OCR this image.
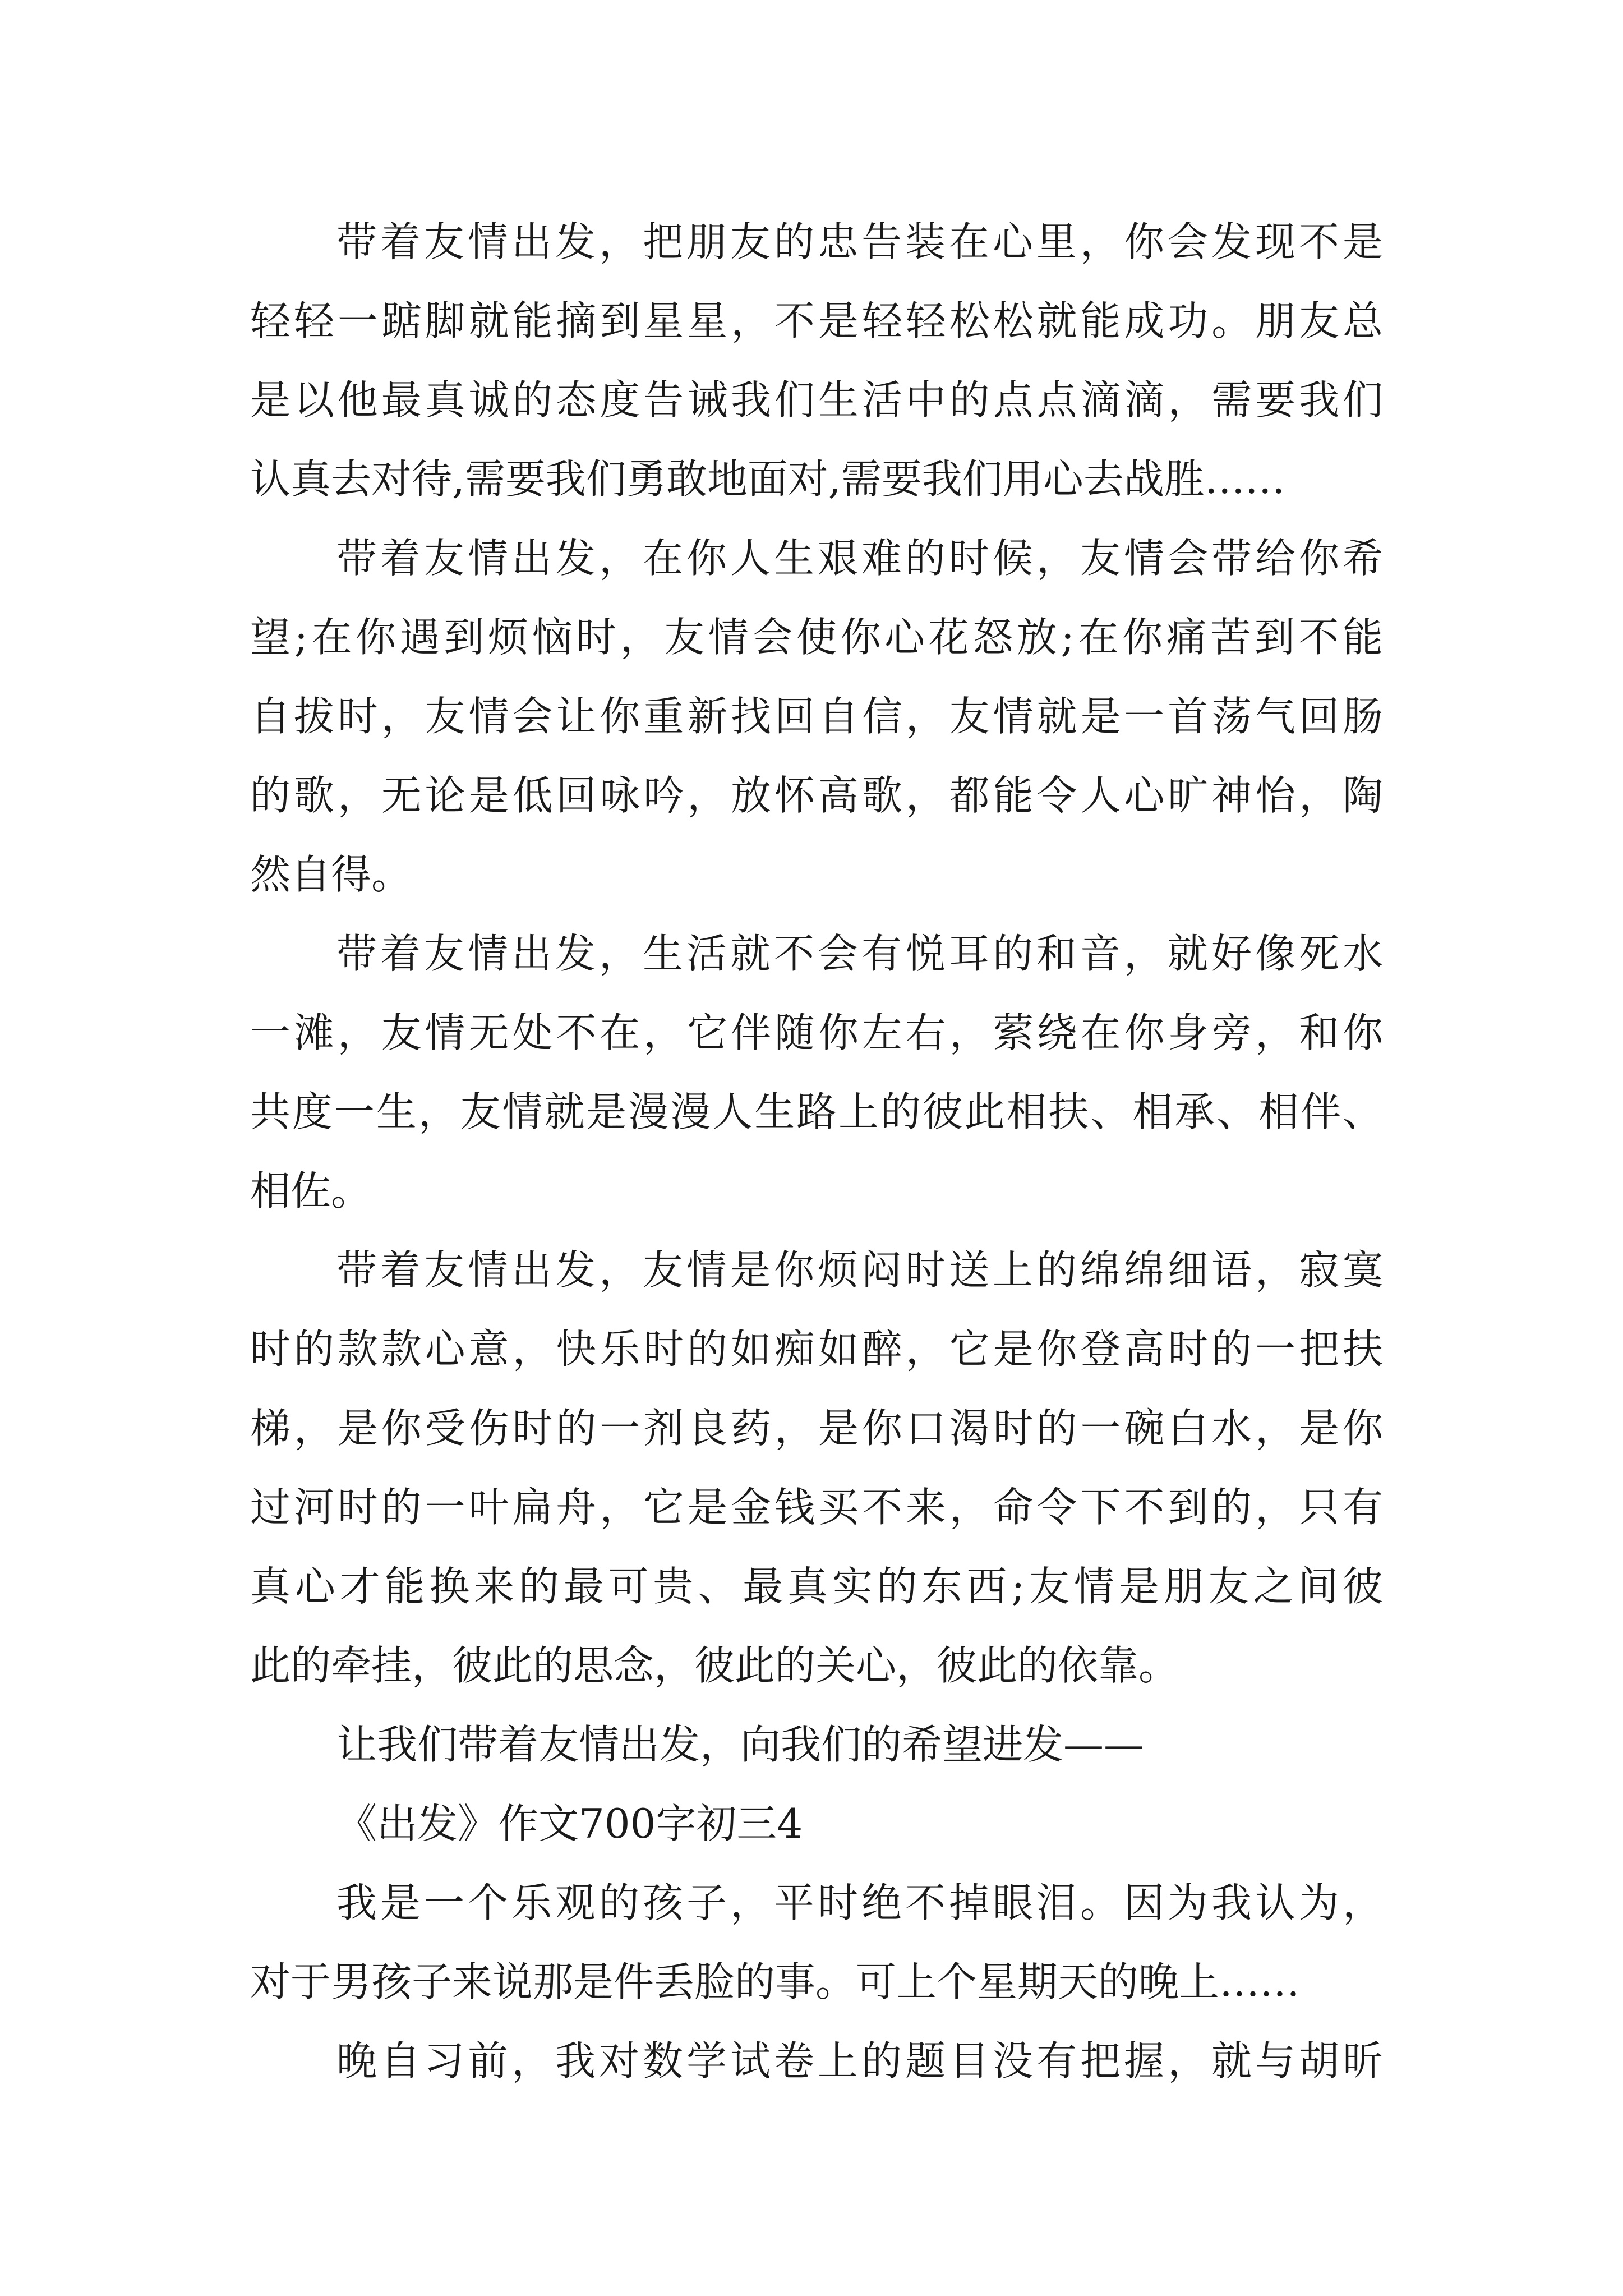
带着友情出发，把朋友的忠告装在心里，你会发现不是
轻轻一踮脚就能摘到星星，不是轻轻松松就能成功。朋友总
是以他最真诚的态度告诫我们生活中的点点滴滴，需要我们
认真去对待,需要我们勇敢地面对,需要我们用心去战胜……
带着友情出发，在你人生艰难的时候，友情会带给你希
望;在你遇到烦恼时，友情会使你心花怒放;在你痛苦到不能
自拔时，友情会让你重新找回自信，友情就是一首荡气回肠
的歌，无论是低回咏吟，放怀高歌，都能令人心旷神怡，陶
然自得。
带着友情出发，生活就不会有悦耳的和音，就好像死水
一滩，友情无处不在，它伴随你左右，萦绕在你身旁，和你
共度一生，友情就是漫漫人生路上的彼此相扶、相承、相伴、
相佐。
带着友情出发，友情是你烦闷时送上的绵绵细语，寂寞
时的款款心意，快乐时的如痴如醉，它是你登高时的一把扶
梯，是你受伤时的一剂良药，是你口渴时的一碗白水，是你
过河时的一叶扁舟，它是金钱买不来，命令下不到的，只有
真心才能换来的最可贵、最真实的东西;友情是朋友之间彼
此的牵挂，彼此的思念，彼此的关心，彼此的依靠。
让我们带着友情出发，向我们的希望进发——
《出发》作文700字初三4
我是一个乐观的孩子，平时绝不掉眼泪。因为我认为，
对于男孩子来说那是件丢脸的事。可上个星期天的晚上……
晚自习前，我对数学试卷上的题目没有把握，就与胡昕
